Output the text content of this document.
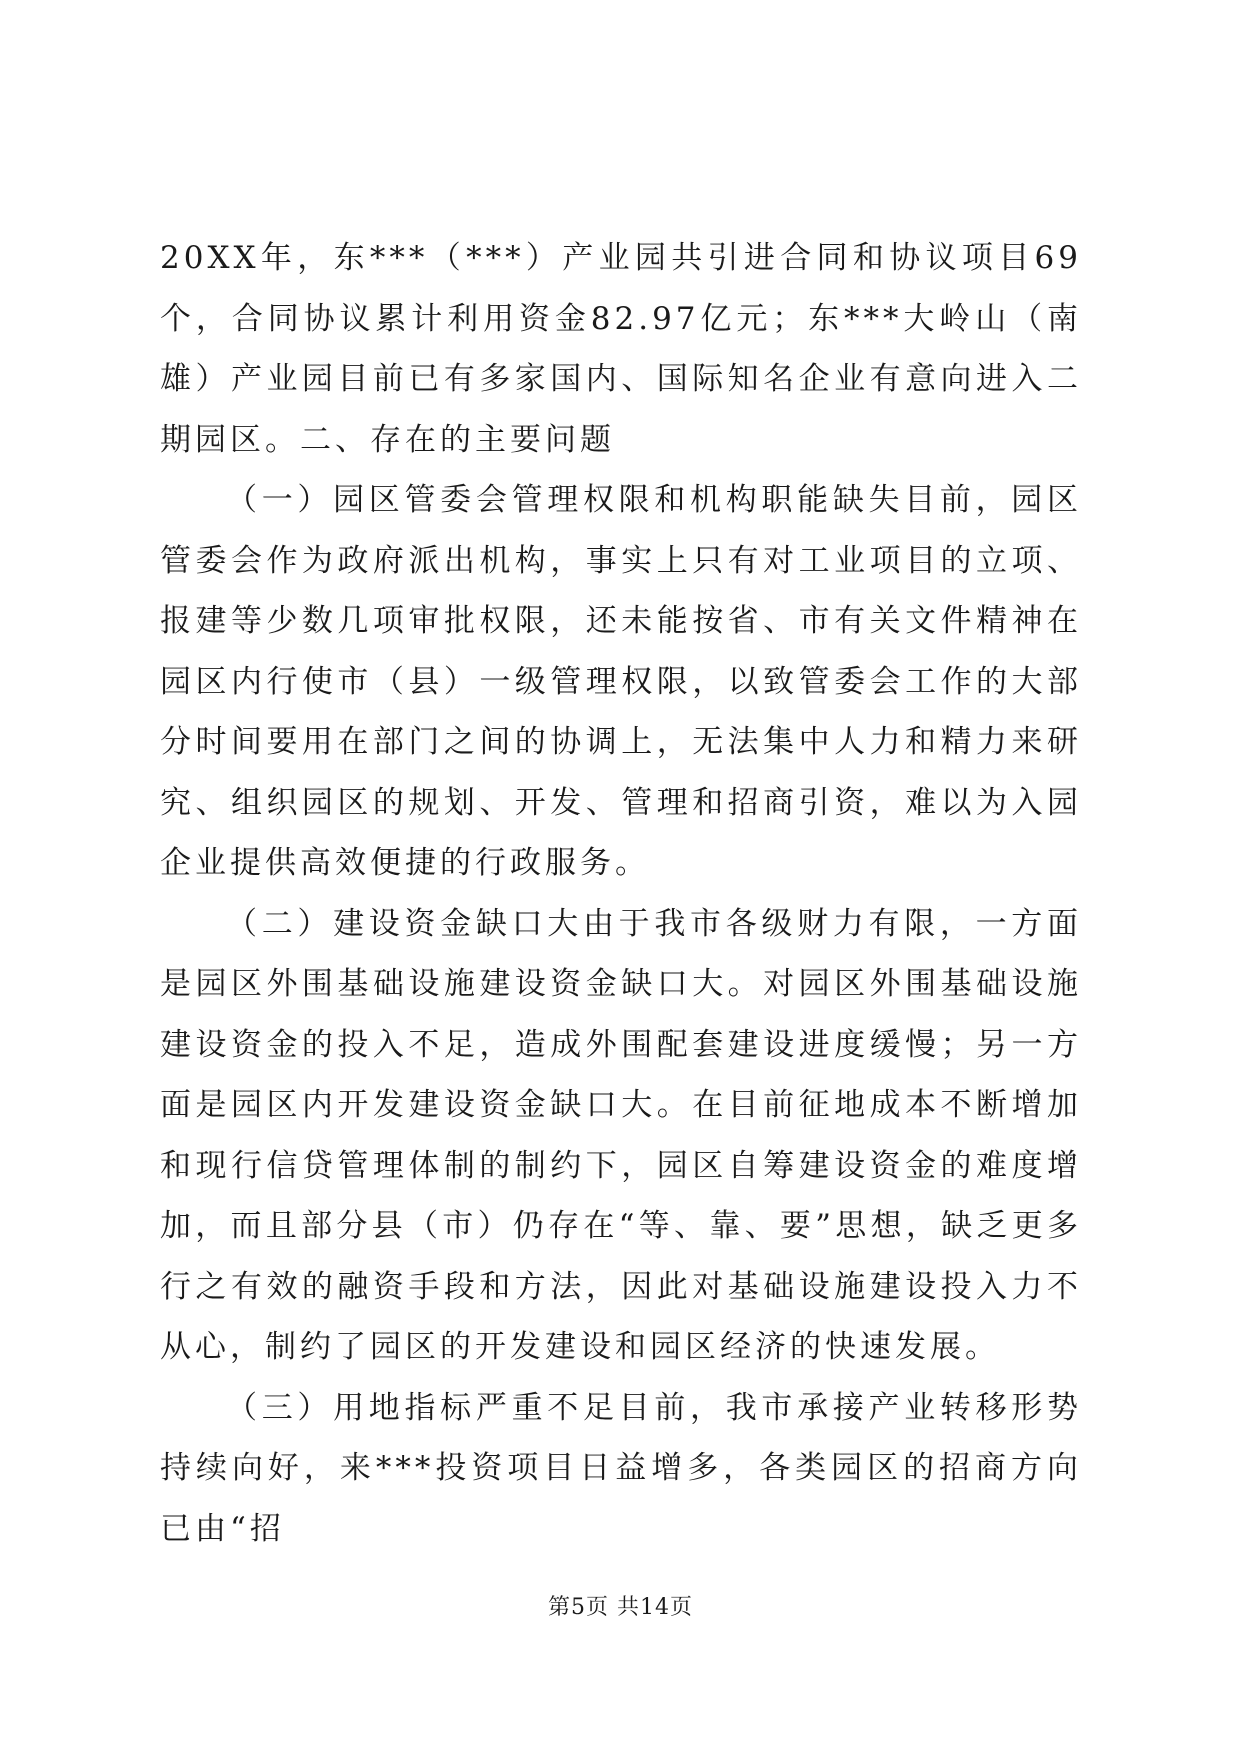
20XX年，东***（***）产业园共引进合同和协议项目69个，合同协议累计利用资金82.97亿元；东***大岭山（南雄）产业园目前已有多家国内、国际知名企业有意向进入二期园区。二、存在的主要问题

（一）园区管委会管理权限和机构职能缺失目前，园区管委会作为政府派出机构，事实上只有对工业项目的立项、报建等少数几项审批权限，还未能按省、市有关文件精神在园区内行使市（县）一级管理权限，以致管委会工作的大部分时间要用在部门之间的协调上，无法集中人力和精力来研究、组织园区的规划、开发、管理和招商引资，难以为入园企业提供高效便捷的行政服务。

（二）建设资金缺口大由于我市各级财力有限，一方面是园区外围基础设施建设资金缺口大。对园区外围基础设施建设资金的投入不足，造成外围配套建设进度缓慢；另一方面是园区内开发建设资金缺口大。在目前征地成本不断增加和现行信贷管理体制的制约下，园区自筹建设资金的难度增加，而且部分县（市）仍存在“等、靠、要”思想，缺乏更多行之有效的融资手段和方法，因此对基础设施建设投入力不从心，制约了园区的开发建设和园区经济的快速发展。

（三）用地指标严重不足目前，我市承接产业转移形势持续向好，来***投资项目日益增多，各类园区的招商方向已由“招

第5页 共14页
